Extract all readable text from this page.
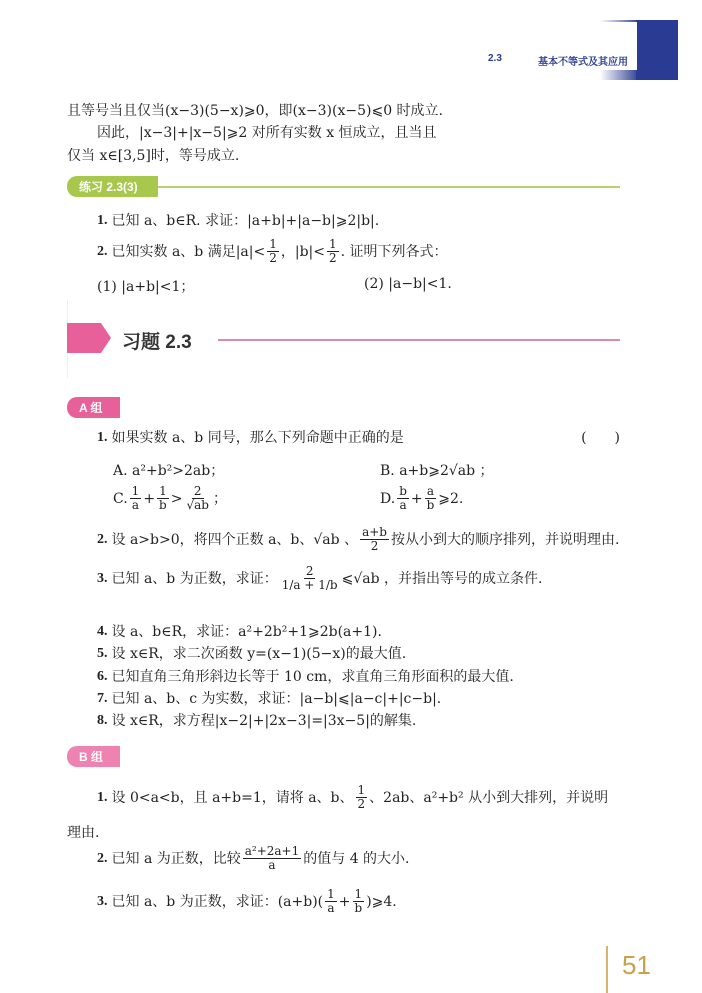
2.3	基本不等式及其应用
且等号当且仅当(x−3)(5−x)⩾0，即(x−3)(x−5)⩽0 时成立.
因此，|x−3|+|x−5|⩾2 对所有实数 x 恒成立，且当且
仅当 x∈[3,5]时，等号成立.
练习 2.3(3)
1. 已知 a、b∈R. 求证：|a+b|+|a−b|⩾2|b|.
2. 已知实数 a、b 满足$|a|< \frac{1}{2}$ ，$|b|< \frac{1}{2}$ . 证明下列各式：
(1) |a+b|<1；	(2) |a−b|<1.
习题 2.3
A 组
1. 如果实数 a、b 同号，那么下列命题中正确的是	(　　)
A. a²+b²>2ab；	B. a+b⩾2√ab ；
C. $\frac{1}{a} + \frac{1}{b} > \frac{2}{√ab}$ ；	D. $\frac{b}{a} + \frac{a}{b}$ ⩾2.
2. 设 a>b>0，将四个正数 a、b、√ab 、 $\frac{a+b}{2}$ 按从小到大的顺序排列，并说明理由.
3. 已知 a、b 为正数，求证： $\frac{2}{1/a + 1/b}$ ⩽√ab ，并指出等号的成立条件.
4. 设 a、b∈R，求证：a²+2b²+1⩾2b(a+1).
5. 设 x∈R，求二次函数 y=(x−1)(5−x)的最大值.
6. 已知直角三角形斜边长等于 10 cm，求直角三角形面积的最大值.
7. 已知 a、b、c 为实数，求证：|a−b|⩽|a−c|+|c−b|.
8. 设 x∈R，求方程|x−2|+|2x−3|=|3x−5|的解集.
B 组
1. 设 0<a<b，且 a+b=1，请将 a、b、 $\frac{1}{2}$ 、2ab、a²+b² 从小到大排列，并说明
理由.
2. 已知 a 为正数，比较 $\frac{\text{a²+2a+1}}{a}$ 的值与 4 的大小.
3. 已知 a、b 为正数，求证：$(a+b)( \frac{1}{a} + \frac{1}{b}$ )⩾4.
51
